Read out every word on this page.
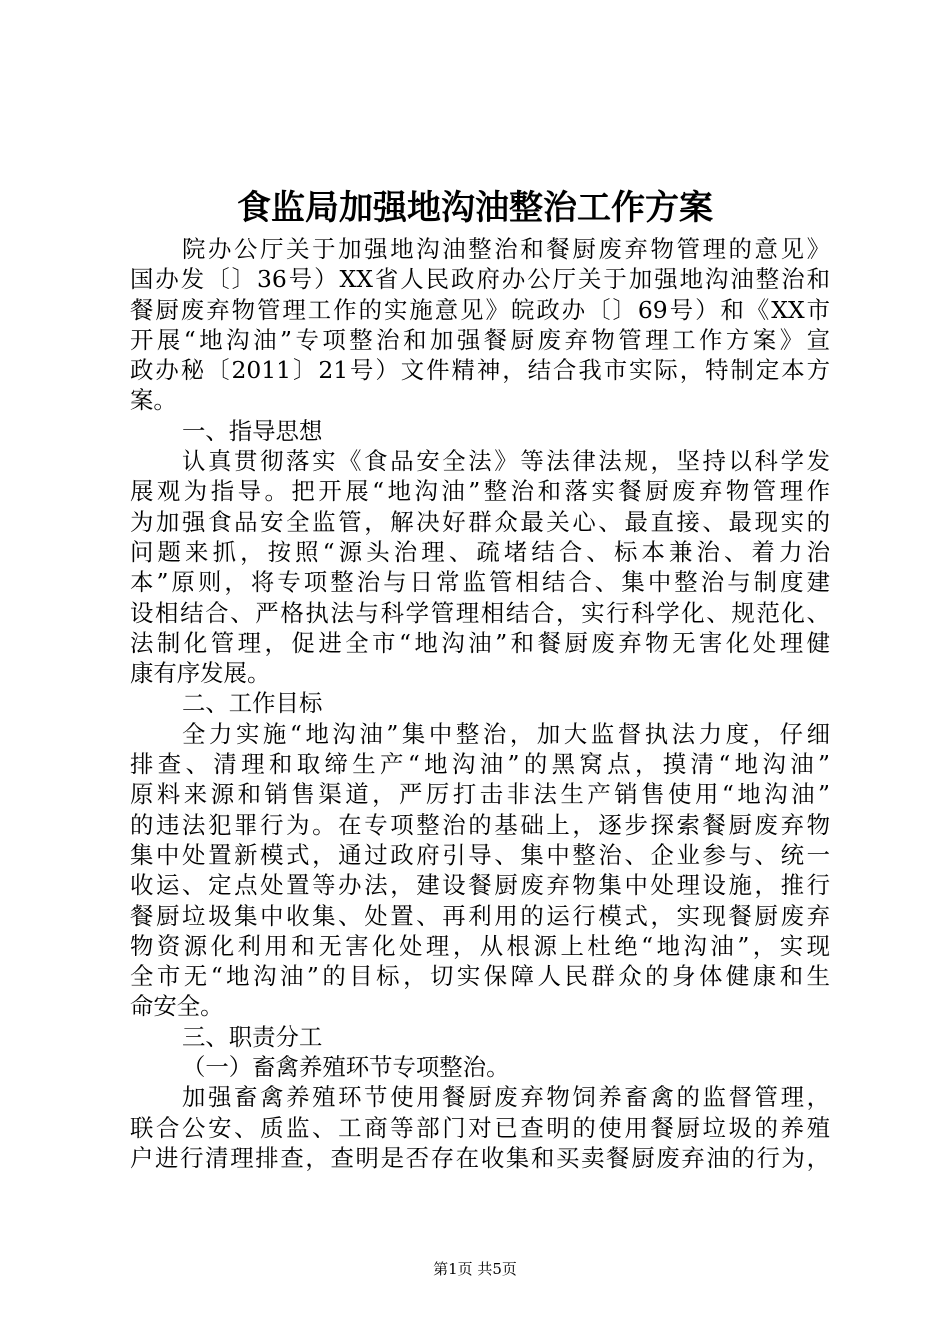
食监局加强地沟油整治工作方案
院办公厅关于加强地沟油整治和餐厨废弃物管理的意见》
国办发〔〕36号）XX省人民政府办公厅关于加强地沟油整治和
餐厨废弃物管理工作的实施意见》皖政办〔〕69号）和《XX市
开展“地沟油”专项整治和加强餐厨废弃物管理工作方案》宣
政办秘〔2011〕21号）文件精神，结合我市实际，特制定本方
案。
一、指导思想
认真贯彻落实《食品安全法》等法律法规，坚持以科学发
展观为指导。把开展“地沟油”整治和落实餐厨废弃物管理作
为加强食品安全监管，解决好群众最关心、最直接、最现实的
问题来抓，按照“源头治理、疏堵结合、标本兼治、着力治
本”原则，将专项整治与日常监管相结合、集中整治与制度建
设相结合、严格执法与科学管理相结合，实行科学化、规范化、
法制化管理，促进全市“地沟油”和餐厨废弃物无害化处理健
康有序发展。
二、工作目标
全力实施“地沟油”集中整治，加大监督执法力度，仔细
排查、清理和取缔生产“地沟油”的黑窝点，摸清“地沟油”
原料来源和销售渠道，严厉打击非法生产销售使用“地沟油”
的违法犯罪行为。在专项整治的基础上，逐步探索餐厨废弃物
集中处置新模式，通过政府引导、集中整治、企业参与、统一
收运、定点处置等办法，建设餐厨废弃物集中处理设施，推行
餐厨垃圾集中收集、处置、再利用的运行模式，实现餐厨废弃
物资源化利用和无害化处理，从根源上杜绝“地沟油”，实现
全市无“地沟油”的目标，切实保障人民群众的身体健康和生
命安全。
三、职责分工
（一）畜禽养殖环节专项整治。
加强畜禽养殖环节使用餐厨废弃物饲养畜禽的监督管理，
联合公安、质监、工商等部门对已查明的使用餐厨垃圾的养殖
户进行清理排查，查明是否存在收集和买卖餐厨废弃油的行为，
第1页 共5页
